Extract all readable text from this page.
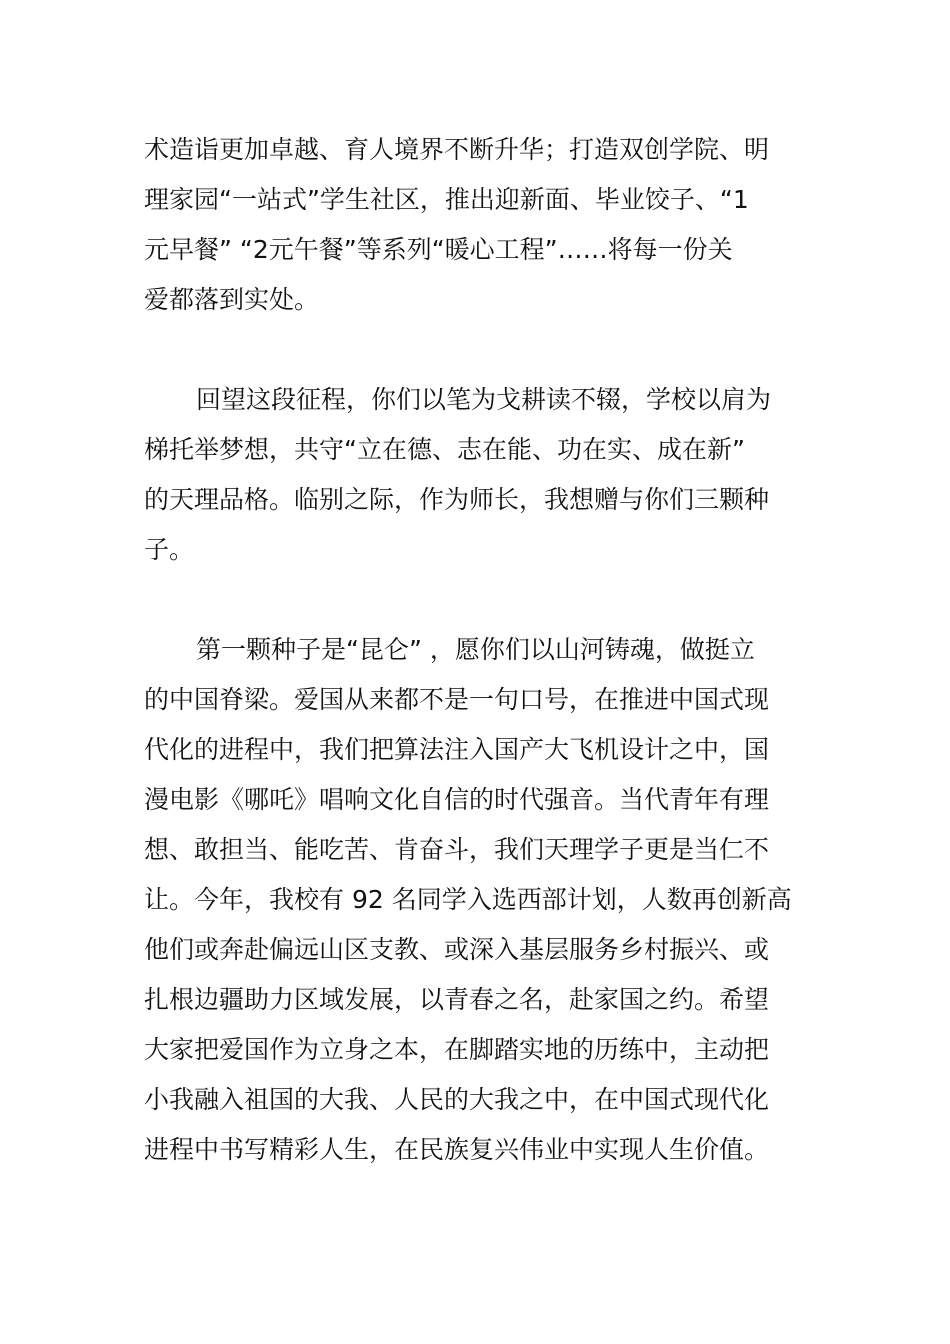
术造诣更加卓越、育人境界不断升华；打造双创学院、明
理家园“一站式”学生社区，推出迎新面、毕业饺子、“1
元早餐” “2元午餐”等系列“暖心工程”……将每一份关
爱都落到实处。
回望这段征程，你们以笔为戈耕读不辍，学校以肩为
梯托举梦想，共守“立在德、志在能、功在实、成在新”
的天理品格。临别之际，作为师长，我想赠与你们三颗种
子。
第一颗种子是“昆仑” ，愿你们以山河铸魂，做挺立
的中国脊梁。爱国从来都不是一句口号，在推进中国式现
代化的进程中，我们把算法注入国产大飞机设计之中，国
漫电影《哪吒》唱响文化自信的时代强音。当代青年有理
想、敢担当、能吃苦、肯奋斗，我们天理学子更是当仁不
让。今年，我校有 92 名同学入选西部计划，人数再创新高
他们或奔赴偏远山区支教、或深入基层服务乡村振兴、或
扎根边疆助力区域发展，以青春之名，赴家国之约。希望
大家把爱国作为立身之本，在脚踏实地的历练中，主动把
小我融入祖国的大我、人民的大我之中，在中国式现代化
进程中书写精彩人生，在民族复兴伟业中实现人生价值。
